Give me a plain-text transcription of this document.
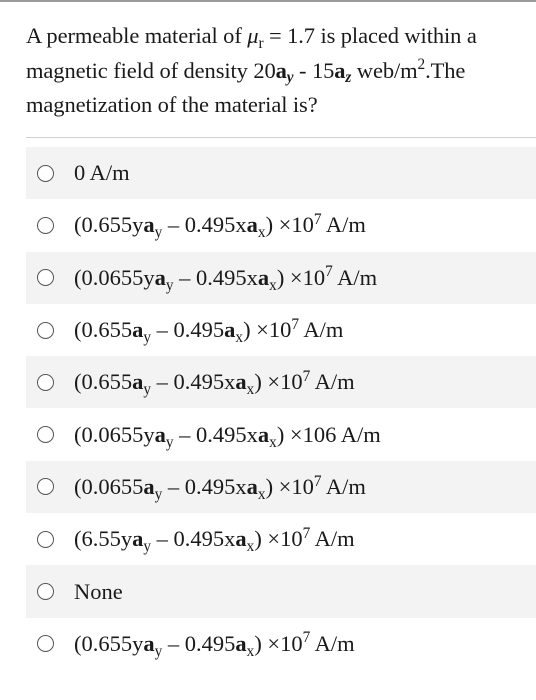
A permeable material of $\mu_r = 1.7$ is placed within a magnetic field of density $20a_y - 15a_z$ web/$m^2.The$ magnetization of the material is?
0 A/m
$(0.655ya_y - 0.495xa_x) \times 10^7$ A/m
$(0.0655ya_y - 0.495xa_x) \times 10^7$ A/m
$(0.655a_y - 0.495a_x) \times 10^7$ A/m
$(0.655a_y - 0.495xa_x) \times 10^7$ A/m
$(0.0655ya_y - 0.495xa_x) \times 106$ A/m
$(0.0655a_y - 0.495xa_x) \times 10^7$ A/m
$(6.55ya_y - 0.495xa_x) \times 10^7$ A/m
None
$(0.655ya_y - 0.495a_x) \times 10^7$ A/m
